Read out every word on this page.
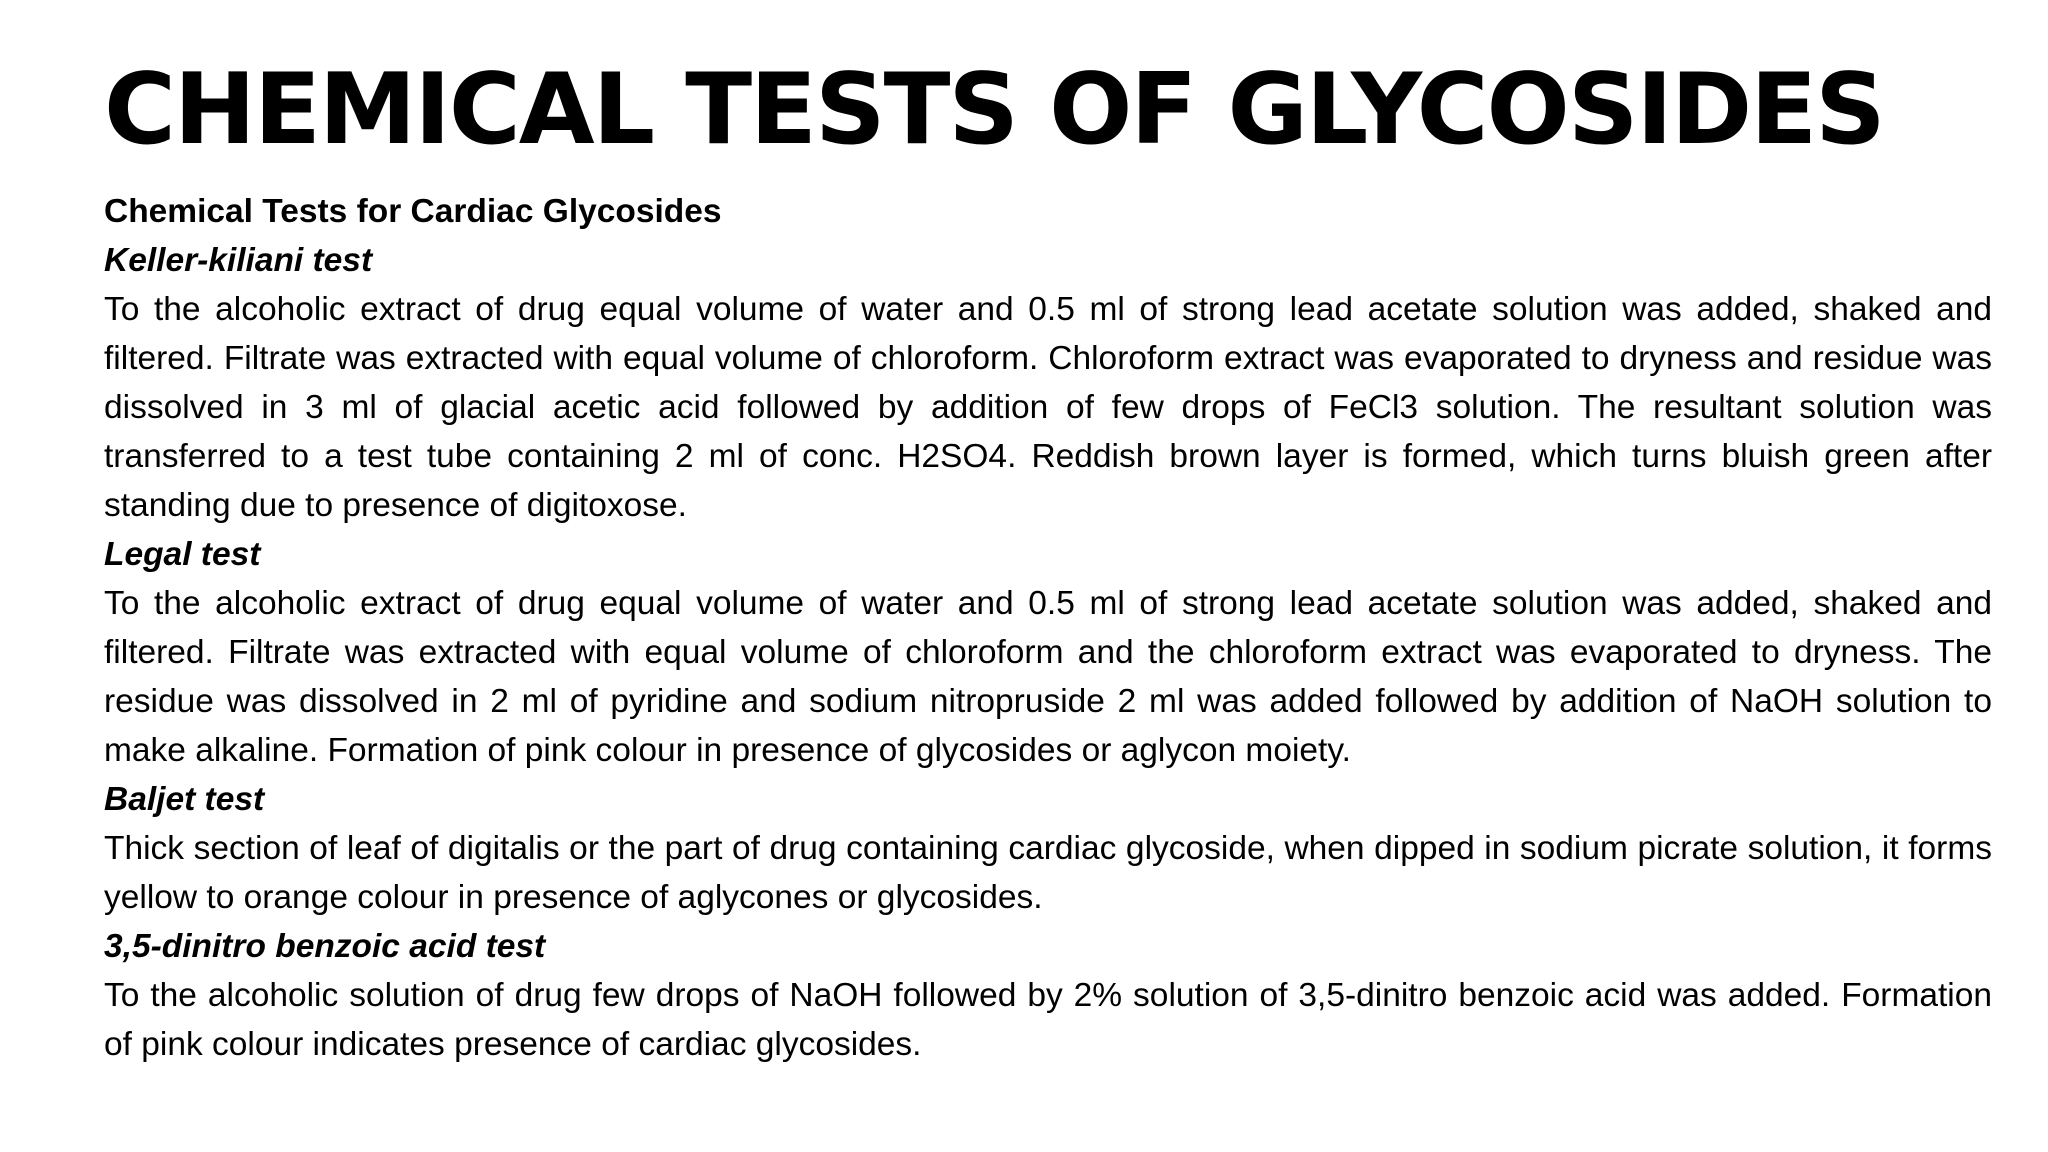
CHEMICAL TESTS OF GLYCOSIDES

Chemical Tests for Cardiac Glycosides

Keller-kiliani test

To the alcoholic extract of drug equal volume of water and 0.5 ml of strong lead acetate solution was added, shaked and filtered. Filtrate was extracted with equal volume of chloroform. Chloroform extract was evaporated to dryness and residue was dissolved in 3 ml of glacial acetic acid followed by addition of few drops of FeCl3 solution. The resultant solution was transferred to a test tube containing 2 ml of conc. H2SO4. Reddish brown layer is formed, which turns bluish green after standing due to presence of digitoxose.

Legal test

To the alcoholic extract of drug equal volume of water and 0.5 ml of strong lead acetate solution was added, shaked and filtered. Filtrate was extracted with equal volume of chloroform and the chloroform extract was evaporated to dryness. The residue was dissolved in 2 ml of pyridine and sodium nitropruside 2 ml was added followed by addition of NaOH solution to make alkaline. Formation of pink colour in presence of glycosides or aglycon moiety.

Baljet test

Thick section of leaf of digitalis or the part of drug containing cardiac glycoside, when dipped in sodium picrate solution, it forms yellow to orange colour in presence of aglycones or glycosides.

3,5-dinitro benzoic acid test

To the alcoholic solution of drug few drops of NaOH followed by 2% solution of 3,5-dinitro benzoic acid was added. Formation of pink colour indicates presence of cardiac glycosides.
